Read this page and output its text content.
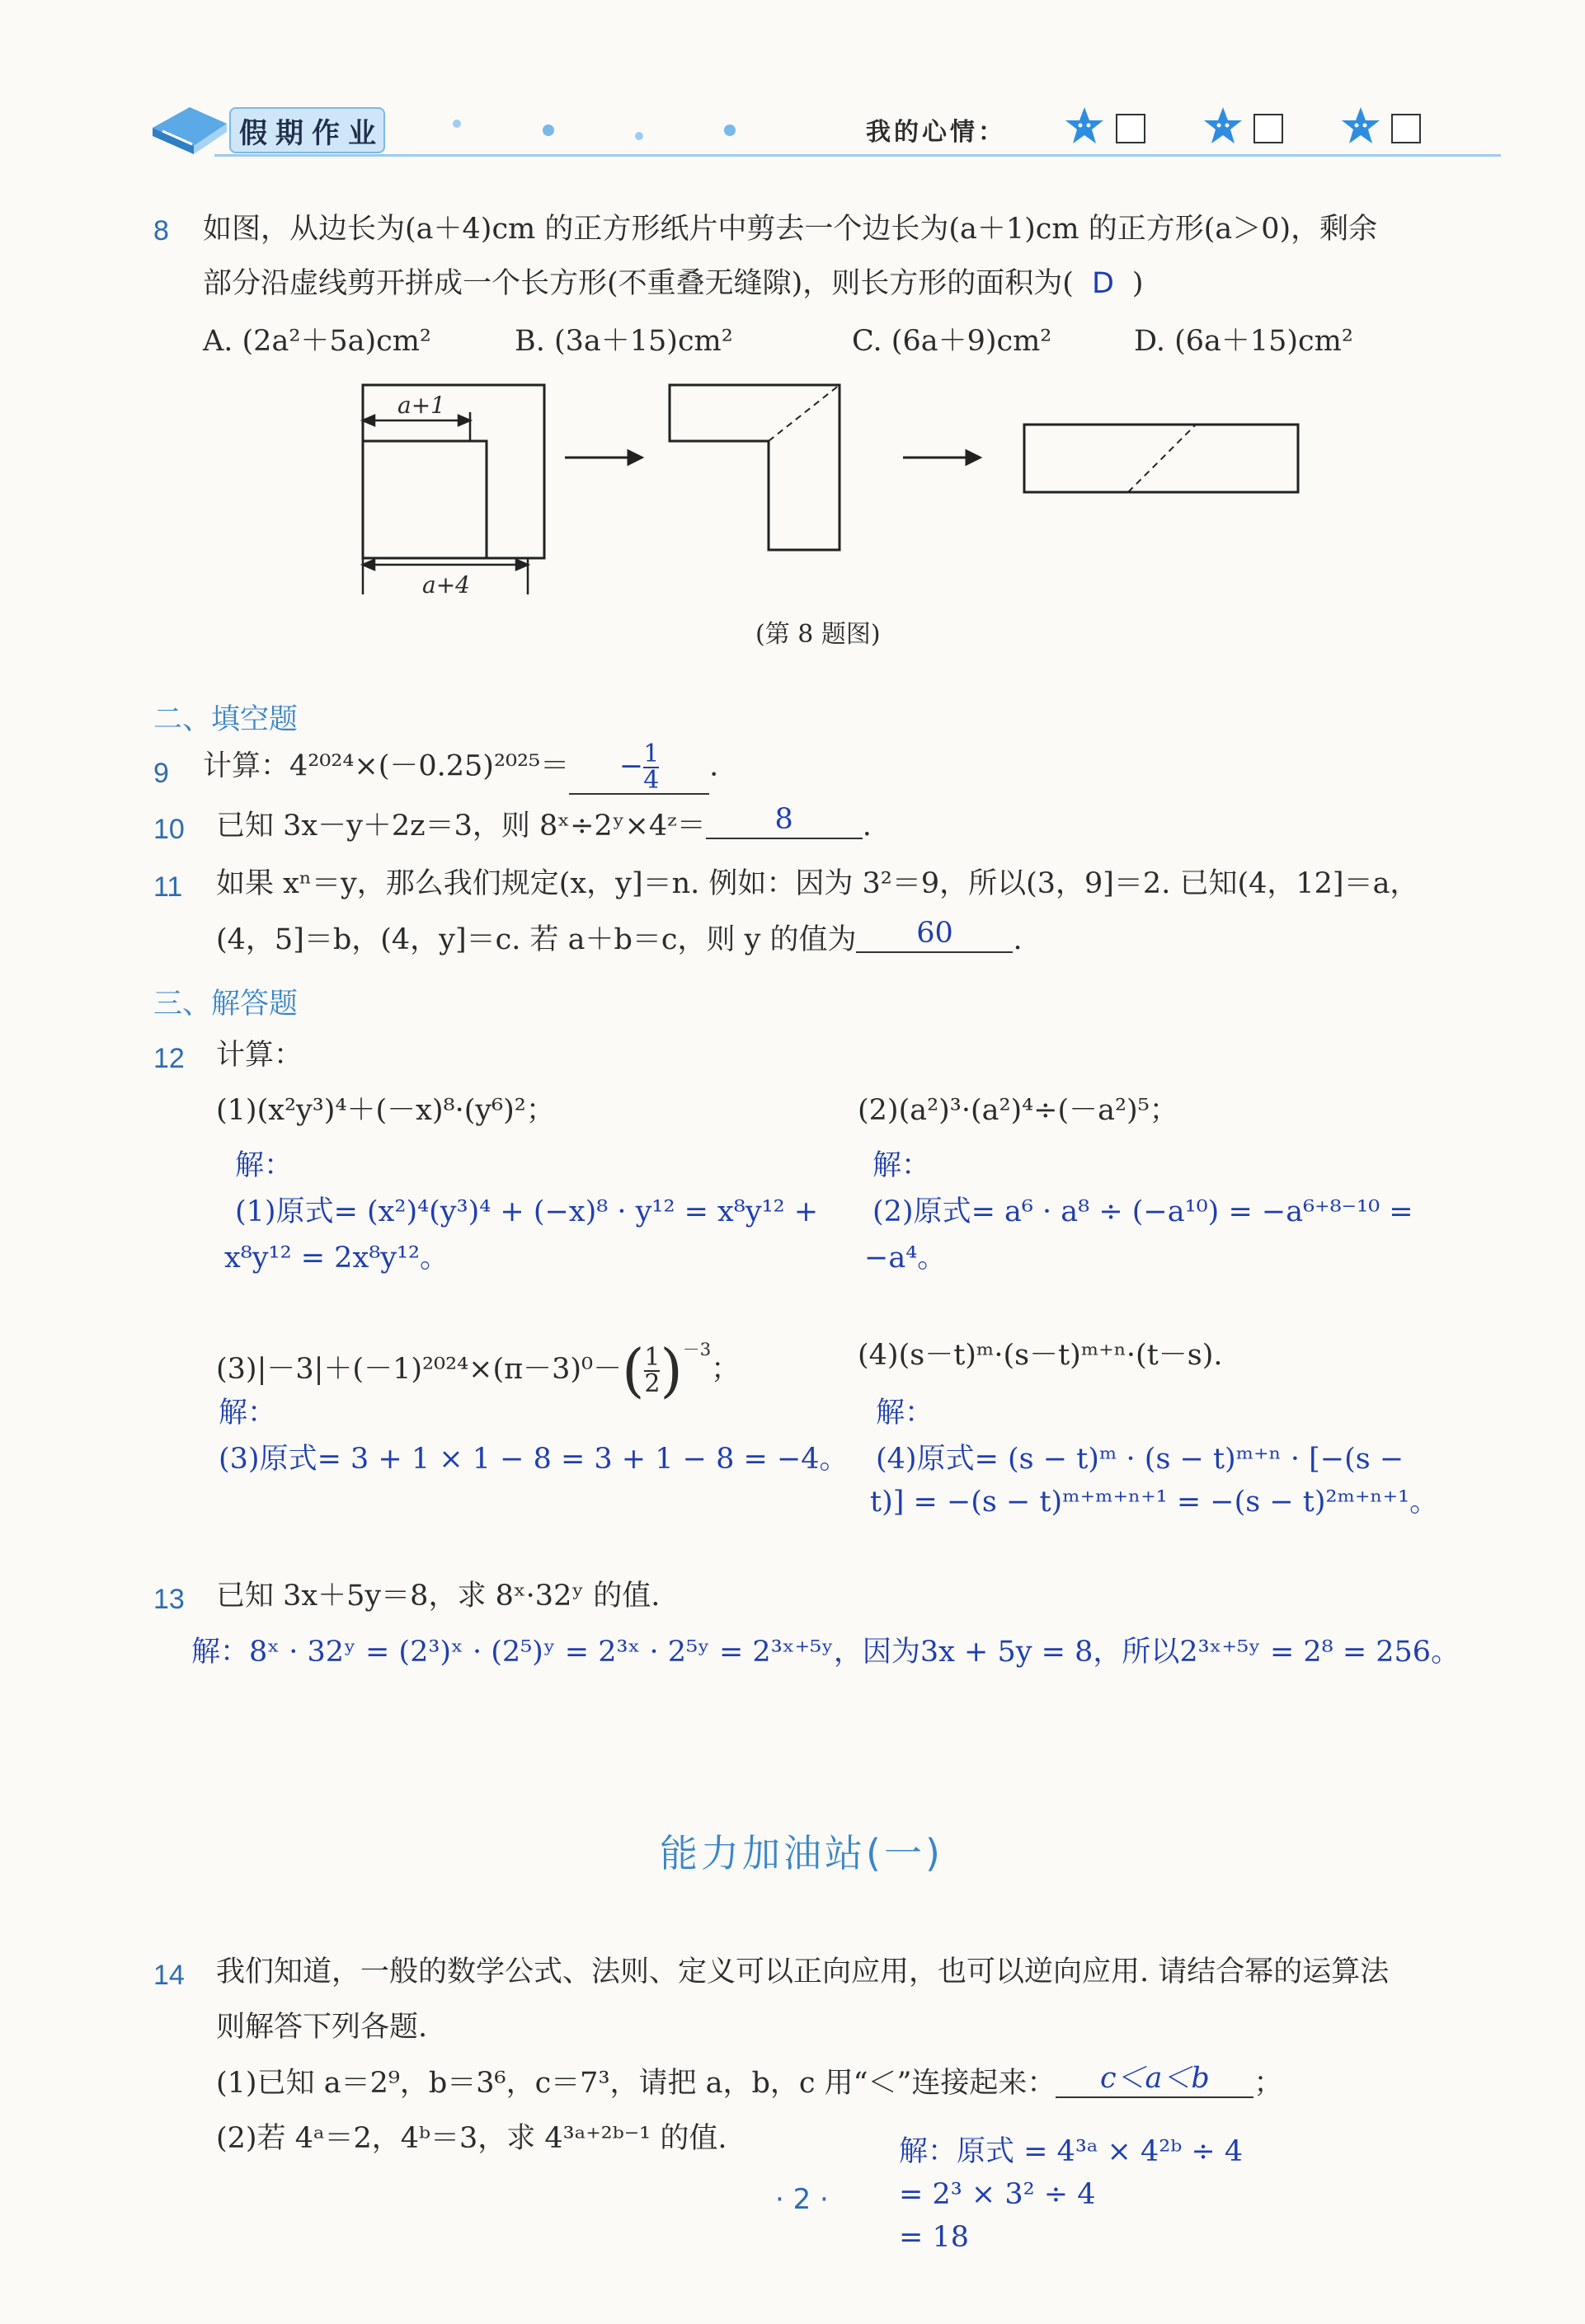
假期作业	我的心情：
8 如图，从边长为(a＋4)cm 的正方形纸片中剪去一个边长为(a＋1)cm 的正方形(a＞0)，剩余
部分沿虚线剪开拼成一个长方形(不重叠无缝隙)，则长方形的面积为( D )
A. (2a²＋5a)cm²	B. (3a＋15)cm²	C. (6a＋9)cm²	D. (6a＋15)cm²
a+1
a+4
(第 8 题图)
二、填空题
9 计算：$4^{2024}\times(-0.25)^{2025}= - \frac{1}{4}$ .
10 已知 3x－y＋2z＝3，则 8ˣ÷2ʸ×4ᶻ＝ 8 .
11 如果 xⁿ＝y，那么我们规定(x，y]＝n. 例如：因为 3²＝9，所以(3，9]＝2. 已知(4，12]＝a，
(4，5]＝b，(4，y]＝c. 若 a＋b＝c，则 y 的值为 60 .
三、解答题
12 计算：
(1)(x²y³)⁴＋(－x)⁸·(y⁶)²；	(2)(a²)³·(a²)⁴÷(－a²)⁵；
解：
(1)原式= (x²)⁴(y³)⁴ + (−x)⁸ · y¹² = x⁸y¹² +
x⁸y¹² = 2x⁸y¹²。
解：
(2)原式= a⁶ · a⁸ ÷ (−a¹⁰) = −a⁶⁺⁸⁻¹⁰ =
−a⁴。
$(3)|-3|+(-1)^{2024}\times(\pi-3)^0-( \frac{1}{2} )^{-3}$；	(4)(s－t)ᵐ·(s－t)ᵐ⁺ⁿ·(t－s).
解：
(3)原式= 3 + 1 × 1 − 8 = 3 + 1 − 8 = −4。
解：
(4)原式= (s − t)ᵐ · (s − t)ᵐ⁺ⁿ · [−(s −
t)] = −(s − t)ᵐ⁺ᵐ⁺ⁿ⁺¹ = −(s − t)²ᵐ⁺ⁿ⁺¹。
13 已知 3x＋5y＝8，求 8ˣ·32ʸ 的值.
解：8ˣ · 32ʸ = (2³)ˣ · (2⁵)ʸ = 2³ˣ · 2⁵ʸ = 2³ˣ⁺⁵ʸ，因为3x + 5y = 8，所以2³ˣ⁺⁵ʸ = 2⁸ = 256。
能力加油站(一)
14 我们知道，一般的数学公式、法则、定义可以正向应用，也可以逆向应用. 请结合幂的运算法
则解答下列各题.
(1)已知 a＝2⁹，b＝3⁶，c＝7³，请把 a，b，c 用“＜”连接起来： c＜a＜b ；
(2)若 4ᵃ＝2，4ᵇ＝3，求 4³ᵃ⁺²ᵇ⁻¹ 的值.	解：原式 = 4³ᵃ × 4²ᵇ ÷ 4
= 2³ × 3² ÷ 4
= 18
· 2 ·
